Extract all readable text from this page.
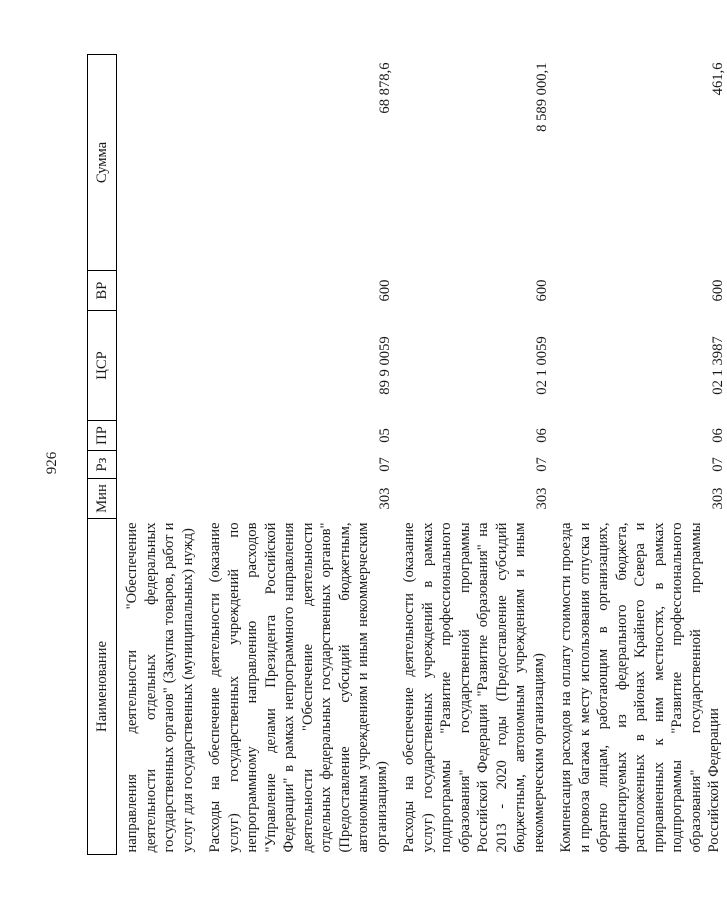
926
Наименование	Мин	Рз	ПР	ЦСР	ВР	Сумма
направления деятельности "Обеспечение деятельности отдельных федеральных государственных органов" (Закупка товаров, работ и услуг для государственных (муниципальных) нужд)						
Расходы на обеспечение деятельности (оказание услуг) государственных учреждений по непрограммному направлению расходов "Управление делами Президента Российской Федерации" в рамках непрограммного направления деятельности "Обеспечение деятельности отдельных федеральных государственных органов" (Предоставление субсидий бюджетным, автономным учреждениям и иным некоммерческим организациям)	303	07	05	89 9 0059	600	68 878,6
Расходы на обеспечение деятельности (оказание услуг) государственных учреждений в рамках подпрограммы "Развитие профессионального образования" государственной программы Российской Федерации "Развитие образования" на 2013 - 2020 годы (Предоставление субсидий бюджетным, автономным учреждениям и иным некоммерческим организациям)	303	07	06	02 1 0059	600	8 589 000,1
Компенсация расходов на оплату стоимости проезда и провоза багажа к месту использования отпуска и обратно лицам, работающим в организациях, финансируемых из федерального бюджета, расположенных в районах Крайнего Севера и приравненных к ним местностях, в рамках подпрограммы "Развитие профессионального образования" государственной программы Российской Федерации	303	07	06	02 1 3987	600	461,6
